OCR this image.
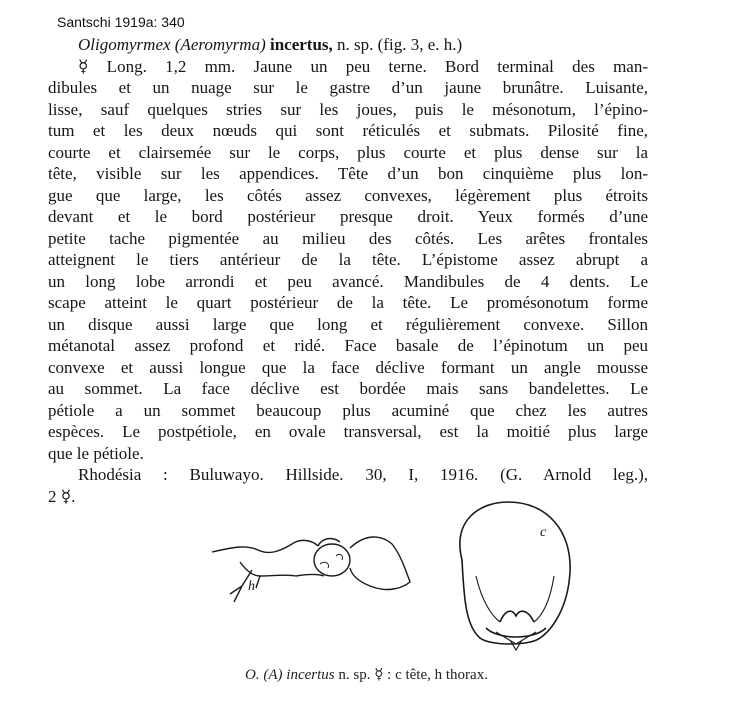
Santschi 1919a: 340
Oligomyrmex (Aeromyrma) incertus, n. sp. (fig. 3, e. h.)
☿ Long. 1,2 mm. Jaune un peu terne. Bord terminal des man-
dibules et un nuage sur le gastre d’un jaune brunâtre. Luisante,
lisse, sauf quelques stries sur les joues, puis le mésonotum, l’épino-
tum et les deux nœuds qui sont réticulés et submats. Pilosité fine,
courte et clairsemée sur le corps, plus courte et plus dense sur la
tête, visible sur les appendices. Tête d’un bon cinquième plus lon-
gue que large, les côtés assez convexes, légèrement plus étroits
devant et le bord postérieur presque droit. Yeux formés d’une
petite tache pigmentée au milieu des côtés. Les arêtes frontales
atteignent le tiers antérieur de la tête. L’épistome assez abrupt a
un long lobe arrondi et peu avancé. Mandibules de 4 dents. Le
scape atteint le quart postérieur de la tête. Le promésonotum forme
un disque aussi large que long et régulièrement convexe. Sillon
métanotal assez profond et ridé. Face basale de l’épinotum un peu
convexe et aussi longue que la face déclive formant un angle mousse
au sommet. La face déclive est bordée mais sans bandelettes. Le
pétiole a un sommet beaucoup plus acuminé que chez les autres
espèces. Le postpétiole, en ovale transversal, est la moitié plus large
que le pétiole.
Rhodésia : Buluwayo. Hillside. 30, I, 1916. (G. Arnold leg.),
2 ☿.
h
c
O. (A) incertus n. sp. ☿ : c tête, h thorax.
